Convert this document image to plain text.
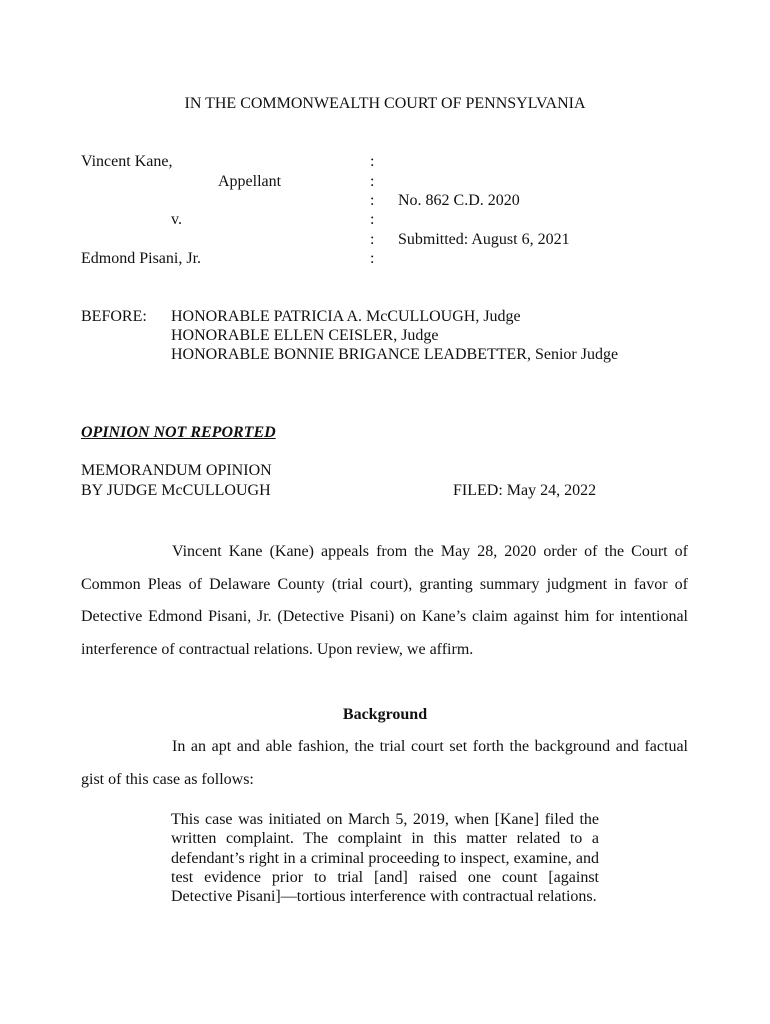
IN THE COMMONWEALTH COURT OF PENNSYLVANIA
Vincent Kane,
Appellant
v.
Edmond Pisani, Jr.
:
:
:
:
:
:
No. 862 C.D. 2020
Submitted: August 6, 2021
BEFORE: HONORABLE PATRICIA A. McCULLOUGH, Judge
HONORABLE ELLEN CEISLER, Judge
HONORABLE BONNIE BRIGANCE LEADBETTER, Senior Judge
OPINION NOT REPORTED
MEMORANDUM OPINION
BY JUDGE McCULLOUGH	FILED: May 24, 2022
Vincent Kane (Kane) appeals from the May 28, 2020 order of the Court of Common Pleas of Delaware County (trial court), granting summary judgment in favor of Detective Edmond Pisani, Jr. (Detective Pisani) on Kane’s claim against him for intentional interference of contractual relations. Upon review, we affirm.
Background
In an apt and able fashion, the trial court set forth the background and factual gist of this case as follows:
This case was initiated on March 5, 2019, when [Kane] filed the written complaint. The complaint in this matter related to a defendant’s right in a criminal proceeding to inspect, examine, and test evidence prior to trial [and] raised one count [against Detective Pisani]—tortious interference with contractual relations.
